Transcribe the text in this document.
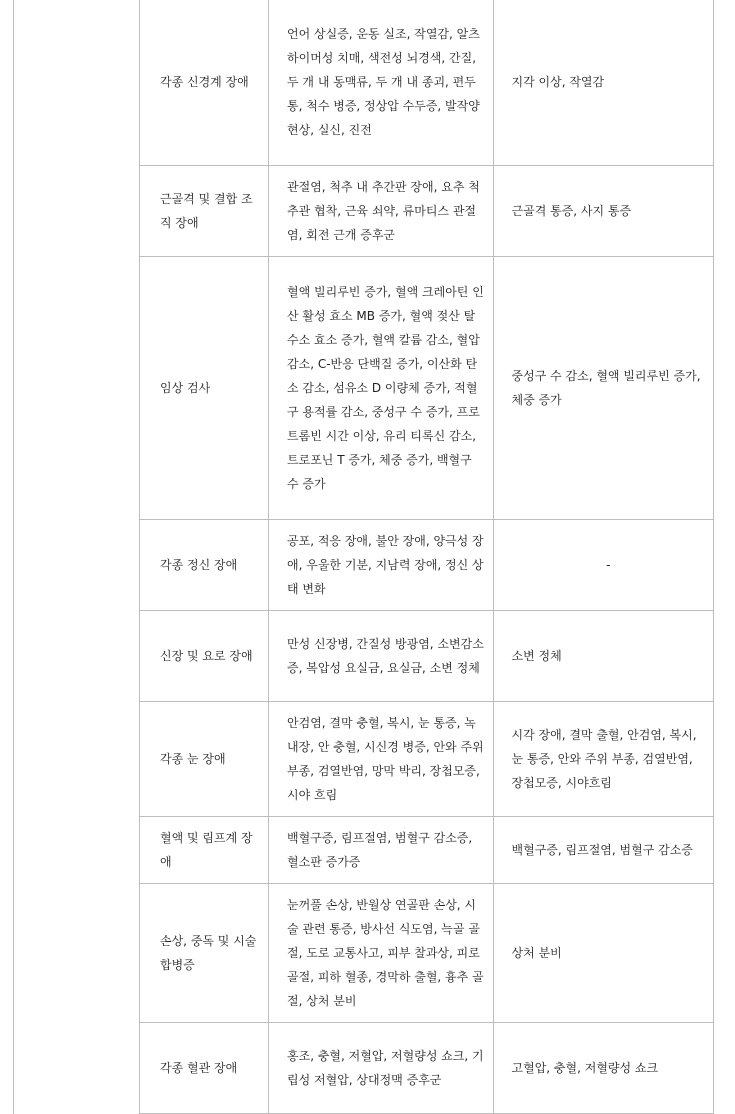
각종 신경계 장애	언어 상실증, 운동 실조, 작열감, 알츠하이머성 치매, 색전성 뇌경색, 간질, 두 개 내 동맥류, 두 개 내 종괴, 편두통, 척수 병증, 정상압 수두증, 발작양 현상, 실신, 진전	지각 이상, 작열감
근골격 및 결합 조직 장애	관절염, 척추 내 추간판 장애, 요추 척추관 협착, 근육 쇠약, 류마티스 관절염, 회전 근개 증후군	근골격 통증, 사지 통증
임상 검사	혈액 빌리루빈 증가, 혈액 크레아틴 인산 활성 효소 MB 증가, 혈액 젖산 탈수소 효소 증가, 혈액 칼륨 감소, 혈압 감소, C-반응 단백질 증가, 이산화 탄소 감소, 섬유소 D 이량체 증가, 적혈구 용적률 감소, 중성구 수 증가, 프로트롬빈 시간 이상, 유리 티록신 감소, 트로포닌 T 증가, 체중 증가, 백혈구 수 증가	중성구 수 감소, 혈액 빌리루빈 증가, 체중 증가
각종 정신 장애	공포, 적응 장애, 불안 장애, 양극성 장애, 우울한 기분, 지남력 장애, 정신 상태 변화	-
신장 및 요로 장애	만성 신장병, 간질성 방광염, 소변감소증, 복압성 요실금, 요실금, 소변 정체	소변 정체
각종 눈 장애	안검염, 결막 충혈, 복시, 눈 통증, 녹내장, 안 충혈, 시신경 병증, 안와 주위 부종, 검열반염, 망막 박리, 장첩모증, 시야 흐림	시각 장애, 결막 출혈, 안검염, 복시, 눈 통증, 안와 주위 부종, 검열반염, 장첩모증, 시야흐림
혈액 및 림프계 장애	백혈구증, 림프절염, 범혈구 감소증, 혈소판 증가증	백혈구증, 림프절염, 범혈구 감소증
손상, 중독 및 시술 합병증	눈꺼풀 손상, 반월상 연골판 손상, 시술 관련 통증, 방사선 식도염, 늑골 골절, 도로 교통사고, 피부 찰과상, 피로 골절, 피하 혈종, 경막하 출혈, 흉추 골절, 상처 분비	상처 분비
각종 혈관 장애	홍조, 충혈, 저혈압, 저혈량성 쇼크, 기립성 저혈압, 상대정맥 증후군	고혈압, 충혈, 저혈량성 쇼크
